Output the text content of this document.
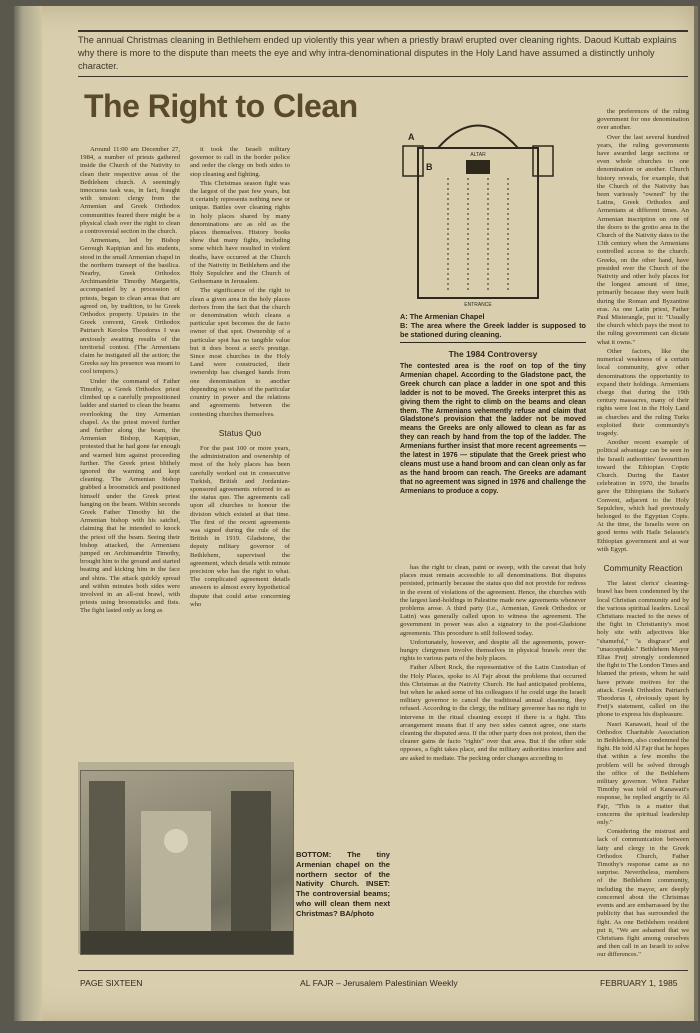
The annual Christmas cleaning in Bethlehem ended up violently this year when a priestly brawl erupted over cleaning rights. Daoud Kuttab explains why there is more to the dispute than meets the eye and why intra-denominational disputes in the Holy Land have assumed a distinctly unholy character.
The Right to Clean

Around 11:00 am December 27, 1984, a number of priests gathered inside the Church of the Nativity to clean their respective areas of the Bethlehem church. A seemingly innocuous task was, in fact, fraught with tension: clergy from the Armenian and Greek Orthodox communities feared there might be a physical clash over the right to clean a controversial section in the church.

Armenians, led by Bishop Gerough Kapipian and his students, stood in the small Armenian chapel in the northern transept of the basilica. Nearby, Greek Orthodox Archimandrite Timothy Margaritis, accompanied by a procession of priests, began to clean areas that are agreed on, by tradition, to be Greek Orthodox property. Upstairs in the Greek convent, Greek Orthodox Patriarch Kerolos Theodorus I was anxiously awaiting results of the territorial contest. (The Armenians claim he instigated all the action; the Greeks say his presence was meant to cool tempers.)

Under the command of Father Timothy, a Greek Orthodox priest climbed up a carefully prepositioned ladder and started to clean the beams overlooking the tiny Armenian chapel. As the priest moved further and further along the beam, the Armenian Bishop, Kapipian, protested that he had gone far enough and warned him against proceeding further. The Greek priest blithely ignored the warning and kept cleaning. The Armenian bishop grabbed a broomstick and positioned himself under the Greek priest hanging on the beam. Within seconds Greek Father Timothy hit the Armenian bishop with his satchel, claiming that he intended to knock the priest off the beam. Seeing their bishop attacked, the Armenians jumped on Archimandrite Timothy, brought him to the ground and started beating and kicking him in the face and shins. The attack quickly spread and within minutes both sides were involved in an all-out brawl, with priests using broomsticks and fists. The fight lasted only as long as

it took the Israeli military governor to call in the border police and order the clergy on both sides to stop cleaning and fighting.

This Christmas season fight was the largest of the past few years, but it certainly represents nothing new or unique. Battles over cleaning rights in holy places shared by many denominations are as old as the places themselves. History books show that many fights, including some which have resulted in violent deaths, have occurred at the Church of the Nativity in Bethlehem and the Holy Sepulchre and the Church of Gethsemane in Jerusalem.

The significance of the right to clean a given area in the holy places derives from the fact that the church or denomination which cleans a particular spot becomes the de facto owner of that spot. Ownership of a particular spot has no tangible value but it does boost a sect's prestige. Since most churches in the Holy Land were constructed, their ownership has changed hands from one denomination to another depending on wishes of the particular country in power and the relations and agreements between the contesting churches themselves.

Status Quo

For the past 100 or more years, the administration and ownership of most of the holy places has been carefully worked out in consecutive Turkish, British and Jordanian-sponsored agreements referred to as the status quo. The agreements call upon all churches to honour the division which existed at that time. The first of the recent agreements was signed during the rule of the British in 1919. Gladstone, the deputy military governor of Bethlehem, supervised the agreement, which details with minute precision who has the right to what. The complicated agreement details answers to almost every hypothetical dispute that could arise concerning who

ALTAR
A
B
ENTRANCE
A: The Armenian Chapel
B: The area where the Greek ladder is supposed to be stationed during cleaning.
The 1984 Controversy
The contested area is the roof on top of the tiny Armenian chapel. According to the Gladstone pact, the Greek church can place a ladder in one spot and this ladder is not to be moved. The Greeks interpret this as giving them the right to climb on the beams and clean them. The Armenians vehemently refuse and claim that Gladstone's provision that the ladder not be moved means the Greeks are only allowed to clean as far as they can reach by hand from the top of the ladder. The Armenians further insist that more recent agreements — the latest in 1976 — stipulate that the Greek priest who cleans must use a hand broom and can clean only as far as the hand broom can reach. The Greeks are adamant that no agreement was signed in 1976 and challenge the Armenians to produce a copy.

has the right to clean, paint or sweep, with the caveat that holy places must remain accessible to all denominations. But disputes persisted, primarily because the status quo did not provide for redress in the event of violations of the agreement. Hence, the churches with the largest land-holdings in Palestine made new agreements whenever problems arose. A third party (i.e., Armenian, Greek Orthodox or Latin) was generally called upon to witness the agreement. The government in power was also a signatory to the post-Gladstone agreements. This procedure is still followed today.

Unfortunately, however, and despite all the agreements, power-hungry clergymen involve themselves in physical brawls over the rights to various parts of the holy places.

Father Albert Rock, the representative of the Latin Custodian of the Holy Places, spoke to Al Fajr about the problems that occurred this Christmas at the Nativity Church. He had anticipated problems, but when he asked some of his colleagues if he could urge the Israeli military governor to cancel the traditional annual cleaning, they refused. According to the clergy, the military governor has no right to intervene in the ritual cleaning except if there is a fight. This arrangement means that if any two sides cannot agree, one starts cleaning the disputed area. If the other party does not protest, then the cleaner gains de facto "rights" over that area. But if the other side opposes, a fight takes place, and the military authorities interfere and are asked to mediate. The pecking order changes according to

the preferences of the ruling government for one denomination over another.

Over the last several hundred years, the ruling governments have awarded large sections or even whole churches to one denomination or another. Church history reveals, for example, that the Church of the Nativity has been variously "owned" by the Latins, Greek Orthodox and Armenians at different times. An Armenian inscription on one of the doors to the grotto area in the Church of the Nativity dates to the 13th century when the Armenians controlled access to the church. Greeks, on the other hand, have presided over the Church of the Nativity and other holy places for the longest amount of time, primarily because they were built during the Roman and Byzantine eras. As one Latin priest, Father Paul Misterangle, put it: "Usually the church which pays the most to the ruling government can dictate what it owns."

Other factors, like the numerical weakness of a certain local community, give other denominations the opportunity to expand their holdings. Armenians charge that during the 19th century massacres, many of their rights were lost in the Holy Land as churches and the ruling Turks exploited their community's tragedy.

Another recent example of political advantage can be seen in the Israeli authorities' favouritism toward the Ethiopian Coptic Church. During the Easter celebration in 1970, the Israelis gave the Ethiopians the Sultan's Convent, adjacent to the Holy Sepulchre, which had previously belonged to the Egyptian Copts. At the time, the Israelis were on good terms with Haile Selassie's Ethiopian government and at war with Egypt.

Community Reaction

The latest clerics' cleaning-brawl has been condemned by the local Christian community and by the various spiritual leaders. Local Christians reacted to the news of the fight in Christianity's most holy site with adjectives like "shameful," "a disgrace" and "unacceptable." Bethlehem Mayor Elias Freij strongly condemned the fight to The London Times and blamed the priests, whom he said have private motives for the attack. Greek Orthodox Patriarch Theodorus I, obviously upset by Freij's statement, called on the phone to express his displeasure.

Nasri Kanawati, head of the Orthodox Charitable Association in Bethlehem, also condemned the fight. He told Al Fajr that he hopes that within a few months the problem will be solved through the office of the Bethlehem military governor. When Father Timothy was told of Kanawati's response, he replied angrily to Al Fajr, "This is a matter that concerns the spiritual leadership only."

Considering the mistrust and lack of communication between laity and clergy in the Greek Orthodox Church, Father Timothy's response came as no surprise. Nevertheless, members of the Bethlehem community, including the mayor, are deeply concerned about the Christmas events and are embarrassed by the publicity that has surrounded the fight. As one Bethlehem resident put it, "We are ashamed that we Christians fight among ourselves and then call in an Israeli to solve our differences."

BOTTOM: The tiny Armenian chapel on the northern sector of the Nativity Church. INSET: The controversial beams; who will clean them next Christmas? BA/photo
PAGE SIXTEEN	AL FAJR – Jerusalem Palestinian Weekly	FEBRUARY 1, 1985
